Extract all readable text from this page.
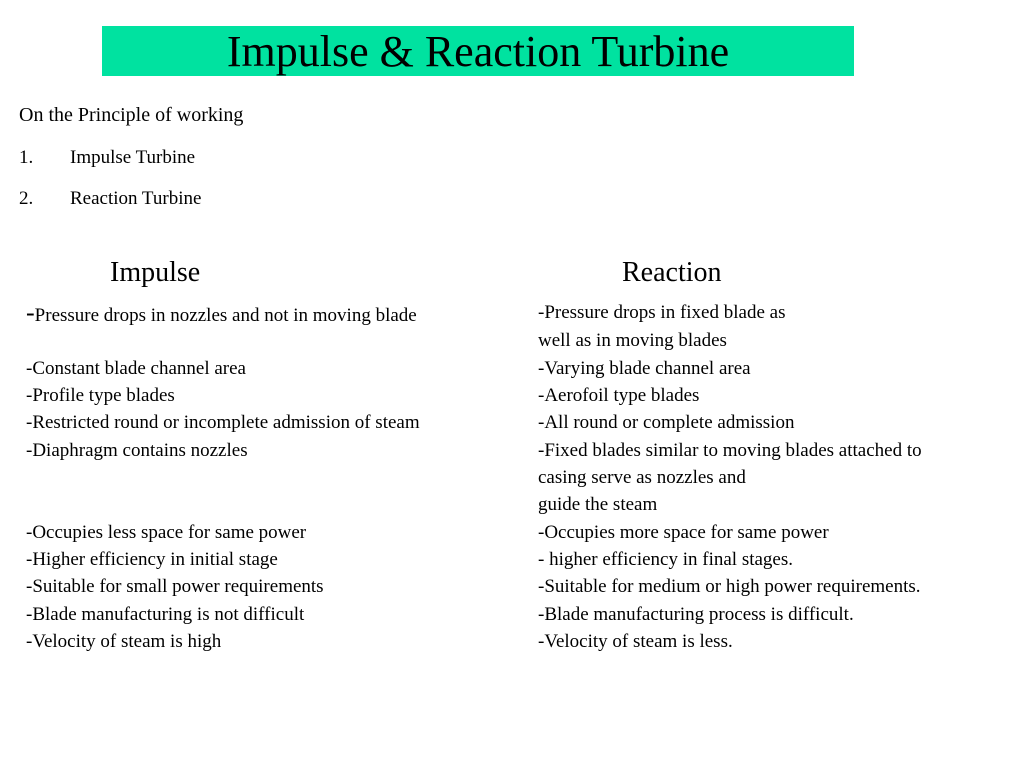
Impulse & Reaction Turbine
On the Principle of working
1. Impulse Turbine
2. Reaction Turbine
Impulse	Reaction
-Pressure drops in nozzles and not in moving blade
-Constant blade channel area
-Profile type blades
-Restricted round or incomplete admission of steam
-Diaphragm contains nozzles
-Occupies less space for same power
-Higher efficiency in initial stage
-Suitable for small power requirements
-Blade manufacturing is not difficult
-Velocity of steam is high
-Pressure drops in fixed blade as
well as in moving blades
-Varying blade channel area
-Aerofoil type blades
-All round or complete admission
-Fixed blades similar to moving blades attached to
casing serve as nozzles and
guide the steam
-Occupies more space for same power
- higher efficiency in final stages.
-Suitable for medium or high power requirements.
-Blade manufacturing process is difficult.
-Velocity of steam is less.
